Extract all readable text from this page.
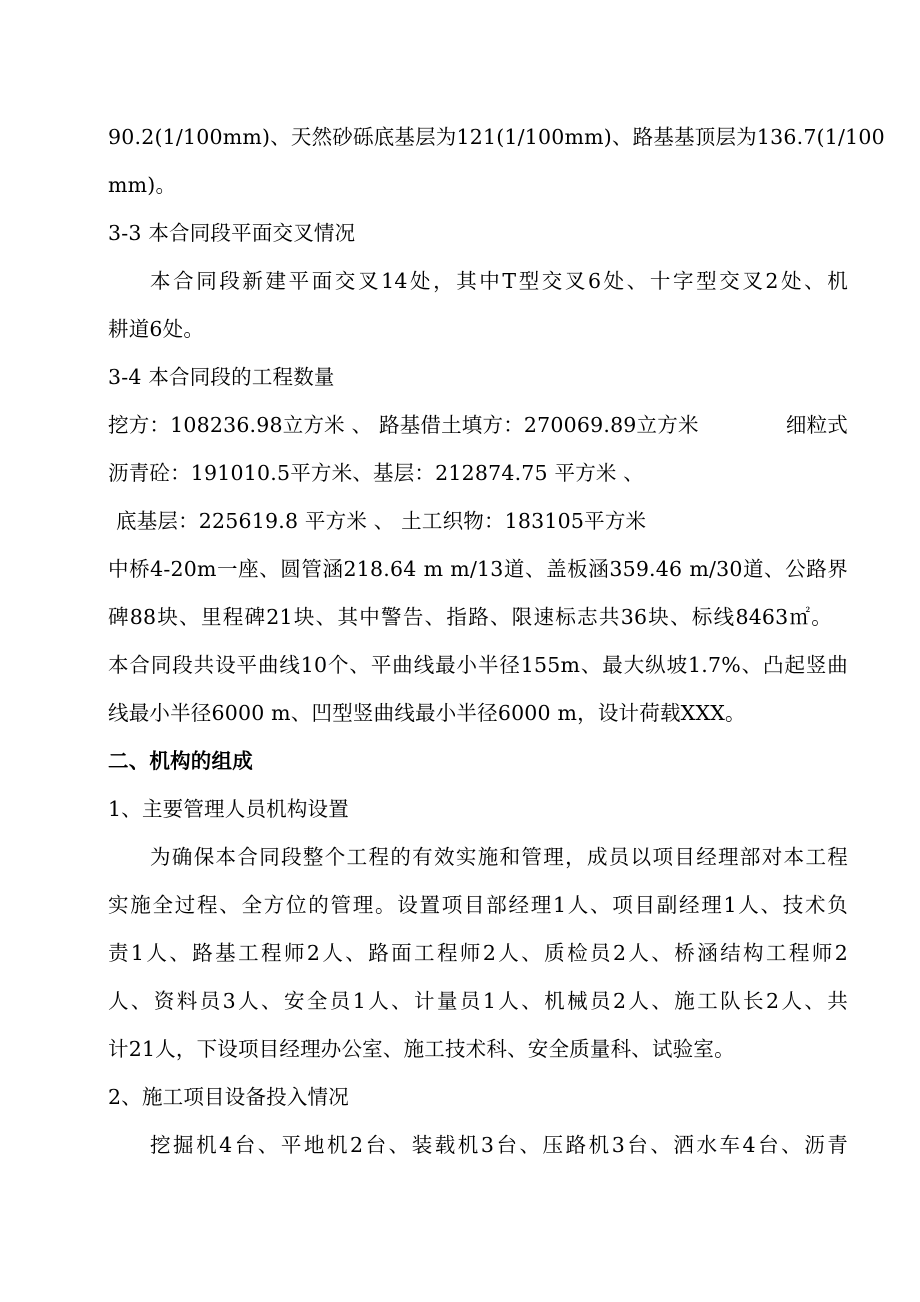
90.2(1/100mm)、天然砂砾底基层为121(1/100mm)、路基基顶层为136.7(1/100
mm)。
3-3 本合同段平面交叉情况
本合同段新建平面交叉14处，其中T型交叉6处、十字型交叉2处、机
耕道6处。
3-4 本合同段的工程数量
挖方：108236.98立方米 、 路基借土填方：270069.89立方米	细粒式
沥青砼：191010.5平方米、基层：212874.75 平方米 、
底基层：225619.8 平方米 、 土工织物：183105平方米
中桥4-20m一座、圆管涵218.64 m m/13道、盖板涵359.46 m/30道、公路界
碑88块、里程碑21块、其中警告、指路、限速标志共36块、标线8463㎡。
本合同段共设平曲线10个、平曲线最小半径155m、最大纵坡1.7%、凸起竖曲
线最小半径6000 m、凹型竖曲线最小半径6000 m，设计荷载XXX。
二、机构的组成
1、主要管理人员机构设置
为确保本合同段整个工程的有效实施和管理，成员以项目经理部对本工程
实施全过程、全方位的管理。设置项目部经理1人、项目副经理1人、技术负
责1人、路基工程师2人、路面工程师2人、质检员2人、桥涵结构工程师2
人、资料员3人、安全员1人、计量员1人、机械员2人、施工队长2人、共
计21人，下设项目经理办公室、施工技术科、安全质量科、试验室。
2、施工项目设备投入情况
挖掘机4台、平地机2台、装载机3台、压路机3台、洒水车4台、沥青
